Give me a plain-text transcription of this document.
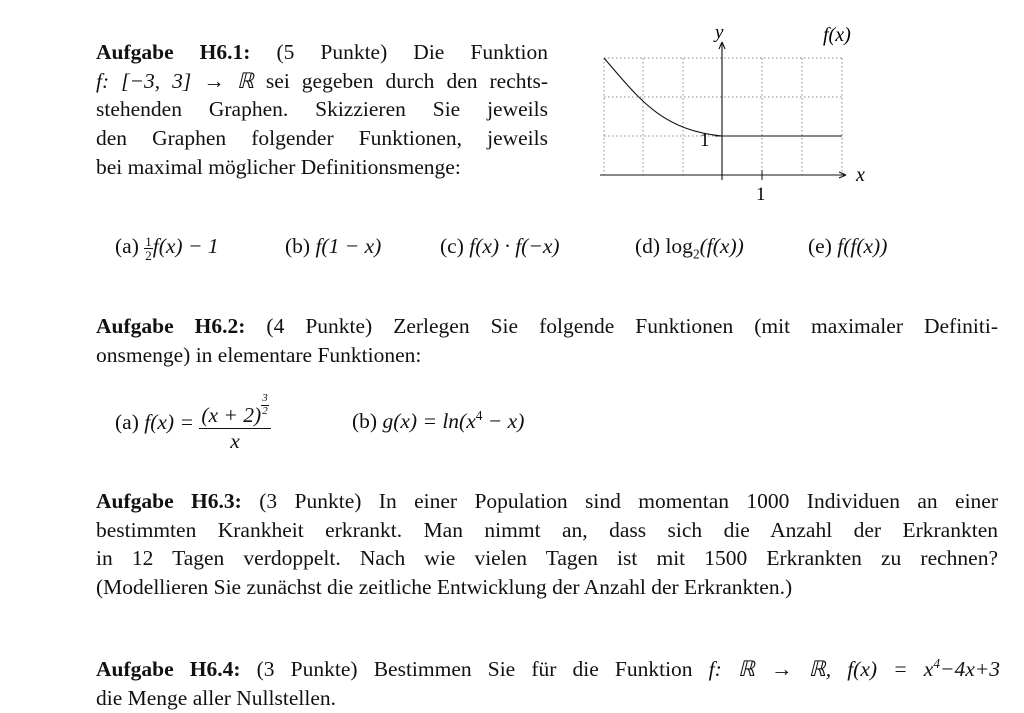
Aufgabe H6.1: (5 Punkte) Die Funktion
f: [−3, 3] → ℝ sei gegeben durch den rechts-
stehenden Graphen. Skizzieren Sie jeweils
den Graphen folgender Funktionen, jeweils
bei maximal möglicher Definitionsmenge:
y	f(x)
1
1
x
$(a) \frac{1}{2}f(x) - 1$	(b) f(1 − x)	(c) f(x) · f(−x)	(d) $\log_2(f(x))$	(e) f(f(x))
Aufgabe H6.2: (4 Punkte) Zerlegen Sie folgende Funktionen (mit maximaler Definiti-
onsmenge) in elementare Funktionen:
(a) $f(x) = \frac{(x + 2) \frac{3}{2}}{x}$	(b) $g(x) = \ln(x^4 - x)$
Aufgabe H6.3: (3 Punkte) In einer Population sind momentan 1000 Individuen an einer
bestimmten Krankheit erkrankt. Man nimmt an, dass sich die Anzahl der Erkrankten
in 12 Tagen verdoppelt. Nach wie vielen Tagen ist mit 1500 Erkrankten zu rechnen?
(Modellieren Sie zunächst die zeitliche Entwicklung der Anzahl der Erkrankten.)
Aufgabe H6.4: (3 Punkte) Bestimmen Sie für die Funktion f: ℝ → ℝ, $f(x) = x^4-4x+3$
die Menge aller Nullstellen.
